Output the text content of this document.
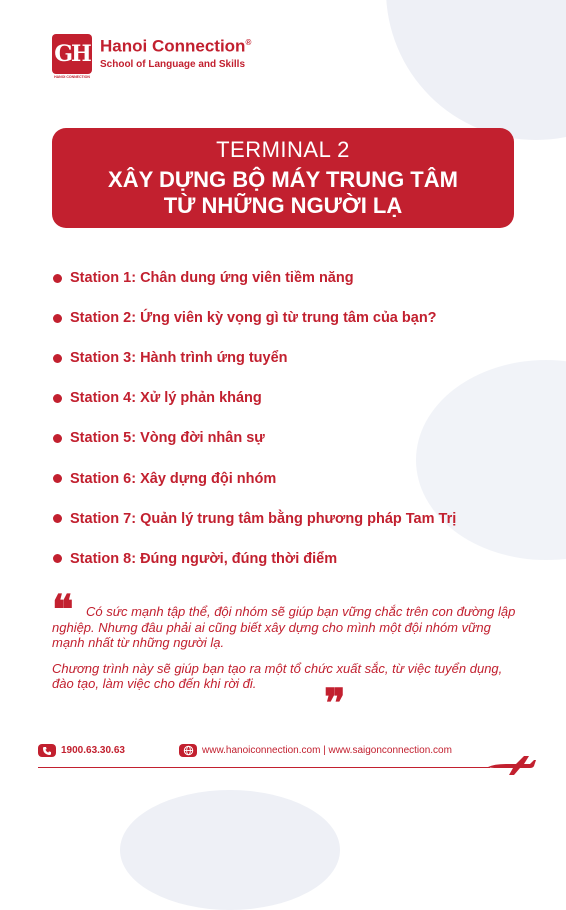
GH
HANOI CONNECTION
Hanoi Connection®
School of Language and Skills
TERMINAL 2
XÂY DỰNG BỘ MÁY TRUNG TÂM
TỪ NHỮNG NGƯỜI LẠ
Station 1: Chân dung ứng viên tiềm năng
Station 2: Ứng viên kỳ vọng gì từ trung tâm của bạn?
Station 3: Hành trình ứng tuyển
Station 4: Xử lý phản kháng
Station 5: Vòng đời nhân sự
Station 6: Xây dựng đội nhóm
Station 7: Quản lý trung tâm bằng phương pháp Tam Trị
Station 8: Đúng người, đúng thời điểm
❝ Có sức mạnh tập thể, đội nhóm sẽ giúp bạn vững chắc trên con đường lập nghiệp. Nhưng đâu phải ai cũng biết xây dựng cho mình một đội nhóm vững mạnh nhất từ những người lạ.

Chương trình này sẽ giúp bạn tạo ra một tổ chức xuất sắc, từ việc tuyển dụng, đào tạo, làm việc cho đến khi rời đi.	❞
1900.63.30.63	www.hanoiconnection.com | www.saigonconnection.com
